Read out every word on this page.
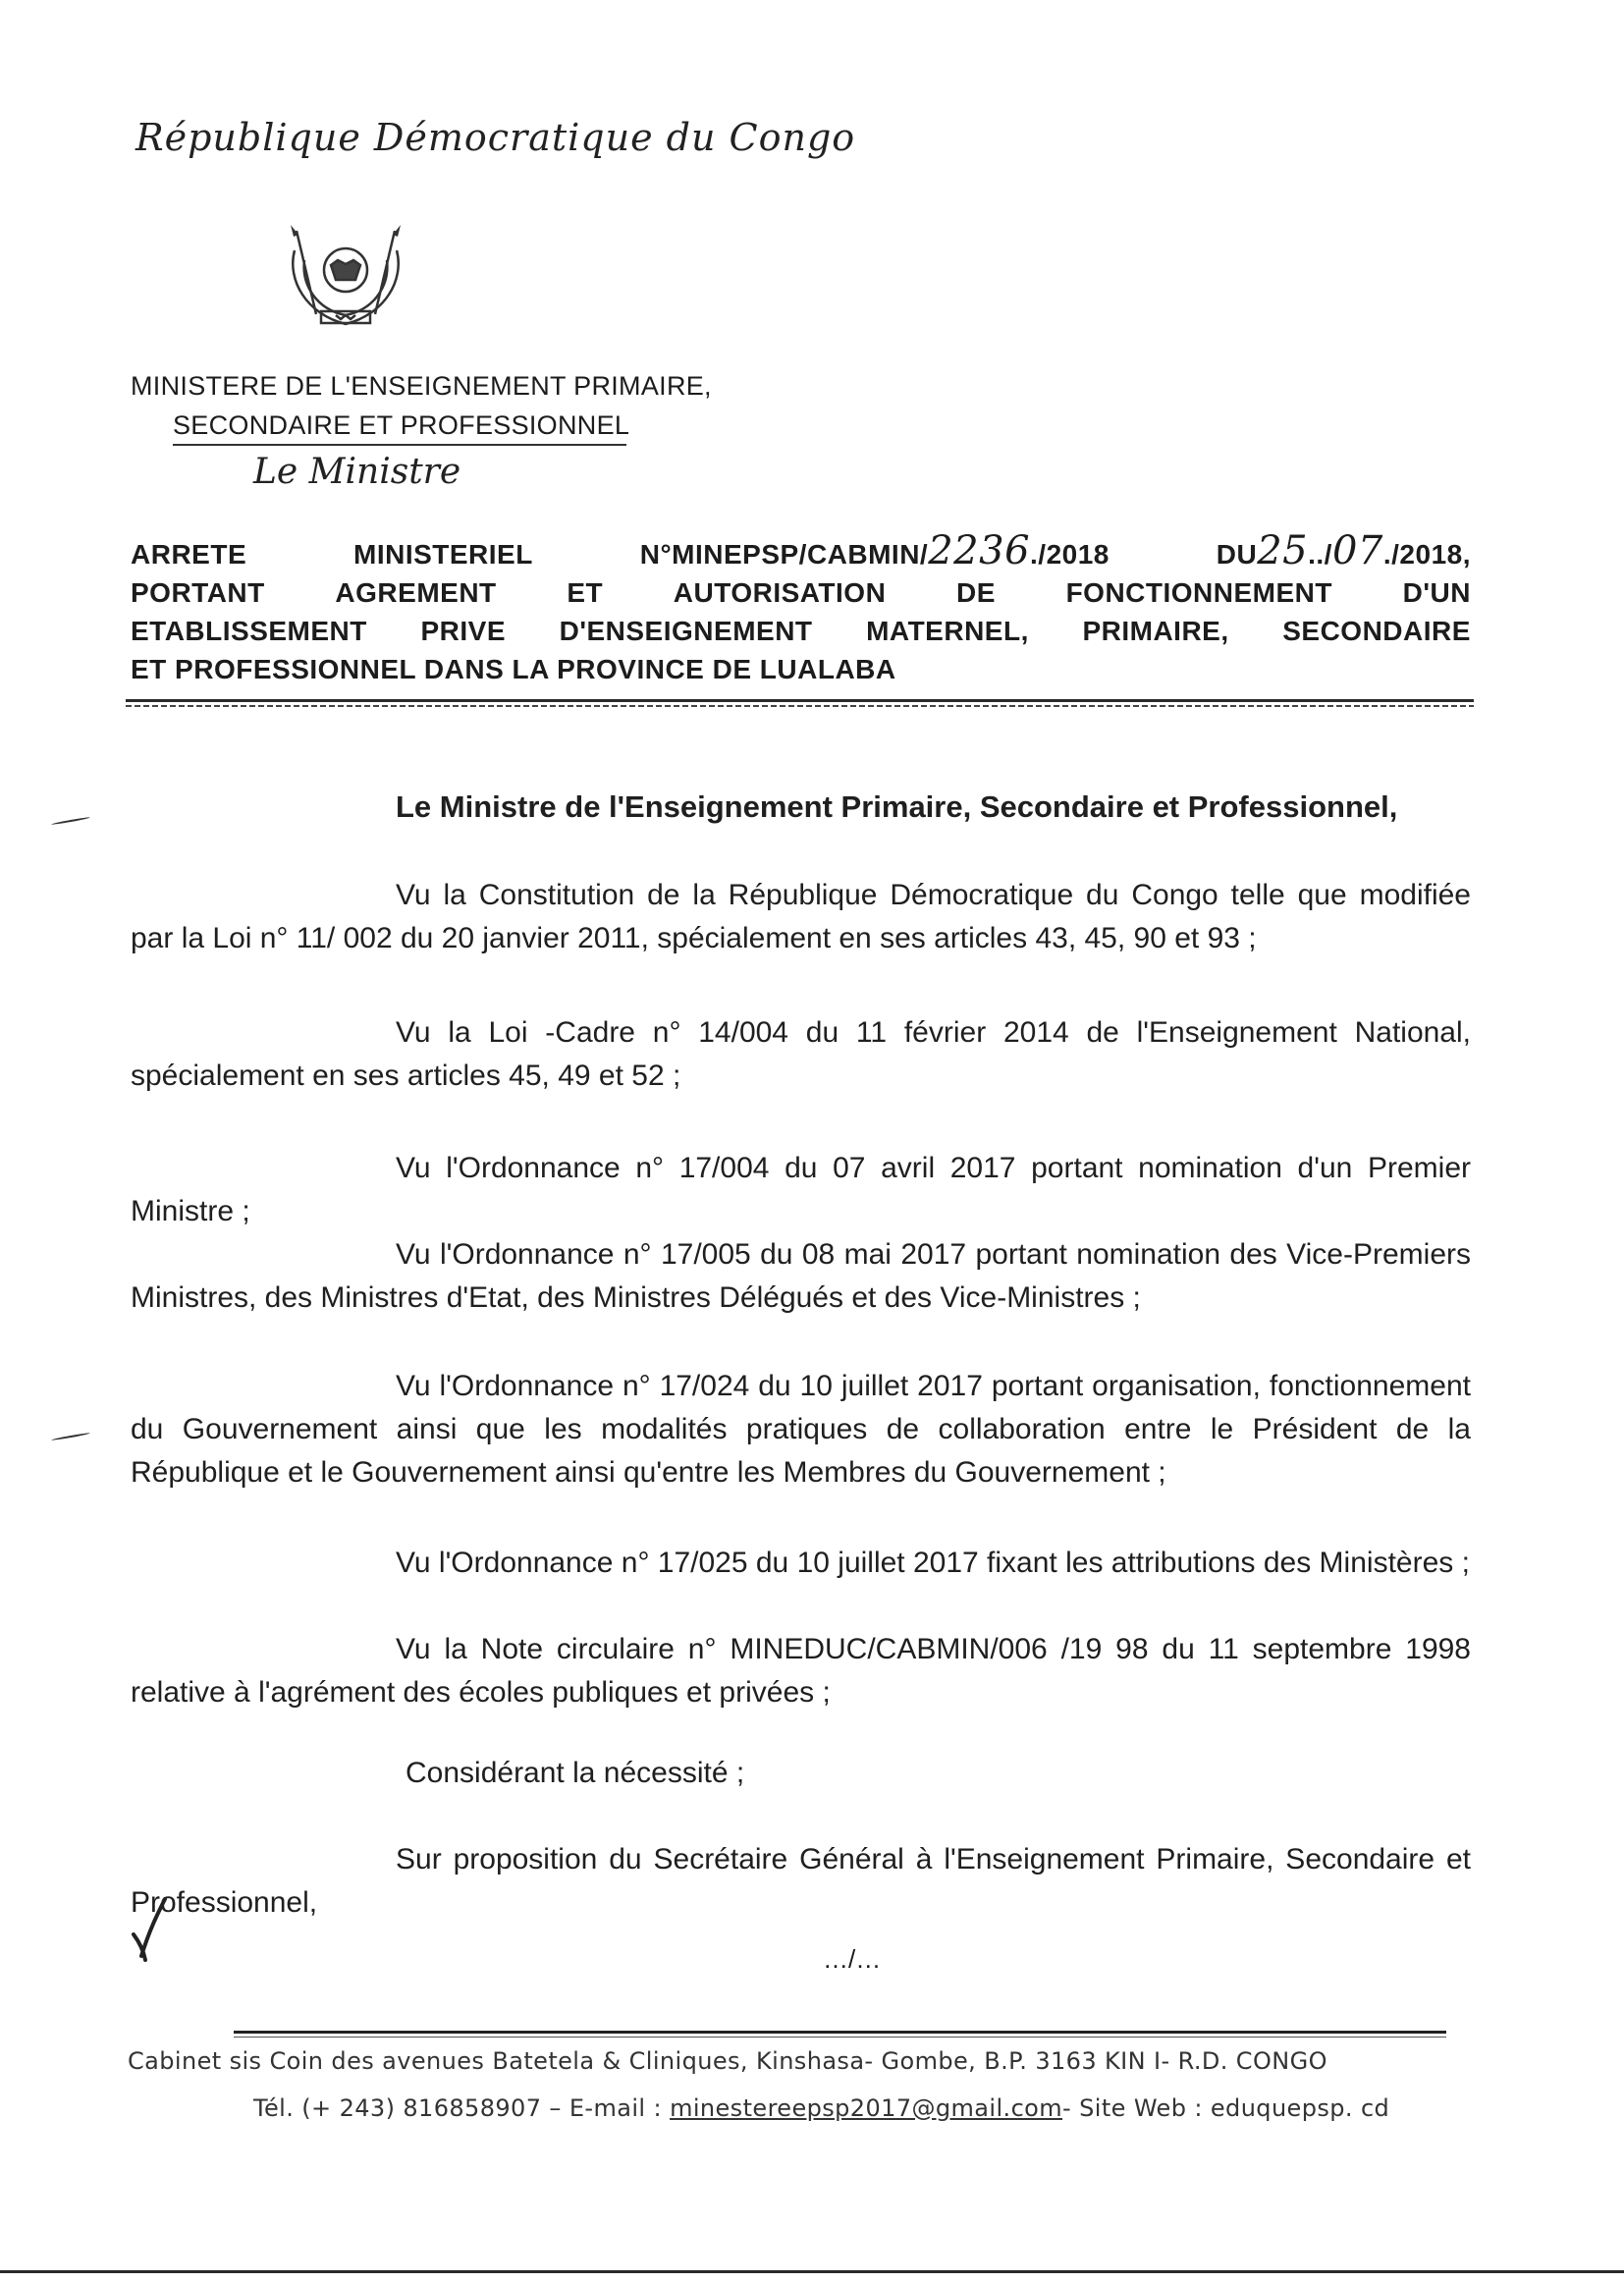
République Démocratique du Congo
MINISTERE DE L'ENSEIGNEMENT PRIMAIRE,
SECONDAIRE ET PROFESSIONNEL
Le Ministre
ARRETE	MINISTERIEL	N°MINEPSP/CABMIN/2236./2018	DU25../07./2018,
PORTANT	AGREMENT	ET	AUTORISATION	DE	FONCTIONNEMENT	D'UN
ETABLISSEMENT PRIVE D'ENSEIGNEMENT MATERNEL, PRIMAIRE, SECONDAIRE
ET PROFESSIONNEL DANS LA PROVINCE DE LUALABA
Le Ministre de l'Enseignement Primaire, Secondaire et Professionnel,
Vu la Constitution de la République Démocratique du Congo telle que modifiée par la Loi n° 11/ 002 du 20 janvier 2011, spécialement en ses articles 43, 45, 90 et 93 ;
Vu la Loi -Cadre n° 14/004 du 11 février 2014 de l'Enseignement National, spécialement en ses articles 45, 49 et 52 ;
Vu l'Ordonnance n° 17/004 du 07 avril 2017 portant nomination d'un Premier Ministre ;
Vu l'Ordonnance n° 17/005 du 08 mai 2017 portant nomination des Vice-Premiers Ministres, des Ministres d'Etat, des Ministres Délégués et des Vice-Ministres ;
Vu l'Ordonnance n° 17/024 du 10 juillet 2017 portant organisation, fonctionnement du Gouvernement ainsi que les modalités pratiques de collaboration entre le Président de la République et le Gouvernement ainsi qu'entre les Membres du Gouvernement ;
Vu l'Ordonnance n° 17/025 du 10 juillet 2017 fixant les attributions des Ministères ;
Vu la Note circulaire n° MINEDUC/CABMIN/006 /19 98 du 11 septembre 1998 relative à l'agrément des écoles publiques et privées ;
Considérant la nécessité ;
Sur proposition du Secrétaire Général à l'Enseignement Primaire, Secondaire et Professionnel,
…/…
Cabinet sis Coin des avenues Batetela & Cliniques, Kinshasa- Gombe, B.P. 3163 KIN I- R.D. CONGO
Tél. (+ 243) 816858907 – E-mail : minestereepsp2017@gmail.com- Site Web : eduquepsp. cd
